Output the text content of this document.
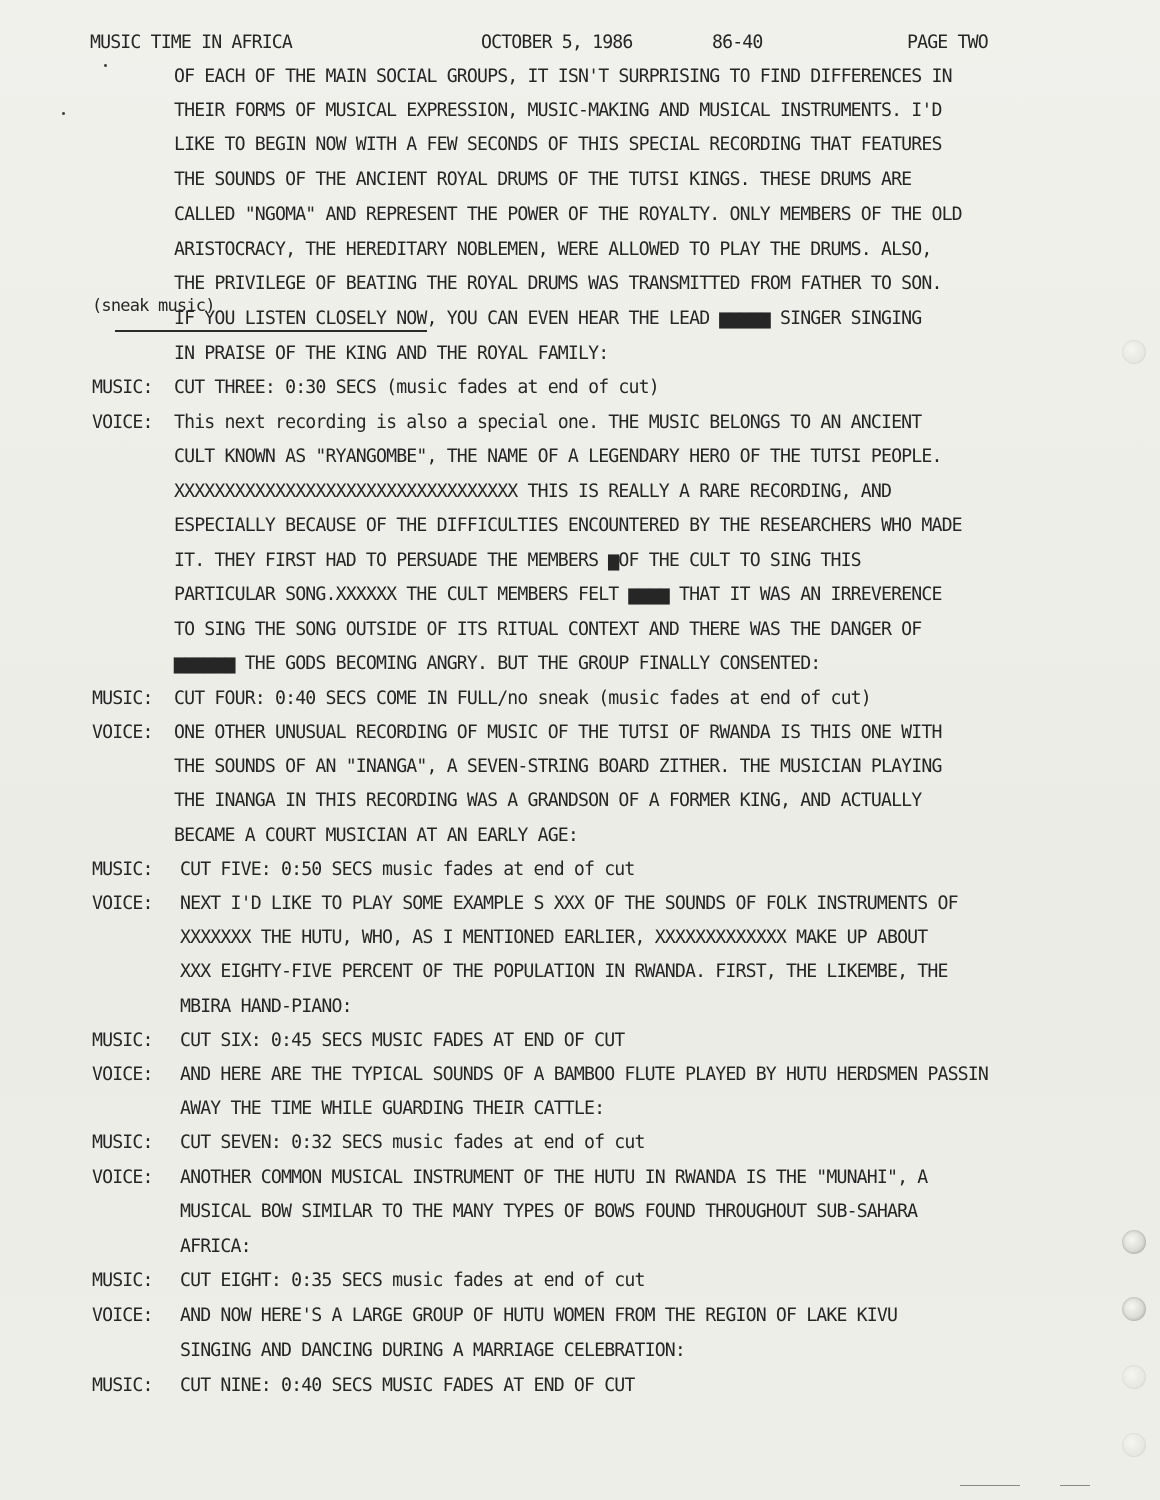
MUSIC TIME IN AFRICA	OCTOBER 5, 1986	86-40	PAGE TWO
OF EACH OF THE MAIN SOCIAL GROUPS, IT ISN'T SURPRISING TO FIND DIFFERENCES IN
THEIR FORMS OF MUSICAL EXPRESSION, MUSIC-MAKING AND MUSICAL INSTRUMENTS. I'D
LIKE TO BEGIN NOW WITH A FEW SECONDS OF THIS SPECIAL RECORDING THAT FEATURES
THE SOUNDS OF THE ANCIENT ROYAL DRUMS OF THE TUTSI KINGS. THESE DRUMS ARE
CALLED "NGOMA" AND REPRESENT THE POWER OF THE ROYALTY. ONLY MEMBERS OF THE OLD
ARISTOCRACY, THE HEREDITARY NOBLEMEN, WERE ALLOWED TO PLAY THE DRUMS. ALSO,
THE PRIVILEGE OF BEATING THE ROYAL DRUMS WAS TRANSMITTED FROM FATHER TO SON.
(sneak music)
IF YOU LISTEN CLOSELY NOW, YOU CAN EVEN HEAR THE LEAD ▆▆▆▆▆ SINGER SINGING
IN PRAISE OF THE KING AND THE ROYAL FAMILY:
MUSIC: CUT THREE: 0:30 SECS (music fades at end of cut)
VOICE: This next recording is also a special one. THE MUSIC BELONGS TO AN ANCIENT
CULT KNOWN AS "RYANGOMBE", THE NAME OF A LEGENDARY HERO OF THE TUTSI PEOPLE.
XXXXXXXXXXXXXXXXXXXXXXXXXXXXXXXXXX THIS IS REALLY A RARE RECORDING, AND
ESPECIALLY BECAUSE OF THE DIFFICULTIES ENCOUNTERED BY THE RESEARCHERS WHO MADE
IT. THEY FIRST HAD TO PERSUADE THE MEMBERS ▆OF THE CULT TO SING THIS
PARTICULAR SONG.XXXXXX THE CULT MEMBERS FELT ▆▆▆▆ THAT IT WAS AN IRREVERENCE
TO SING THE SONG OUTSIDE OF ITS RITUAL CONTEXT AND THERE WAS THE DANGER OF
▆▆▆▆▆▆ THE GODS BECOMING ANGRY. BUT THE GROUP FINALLY CONSENTED:
MUSIC: CUT FOUR: 0:40 SECS COME IN FULL/no sneak (music fades at end of cut)
VOICE: ONE OTHER UNUSUAL RECORDING OF MUSIC OF THE TUTSI OF RWANDA IS THIS ONE WITH
THE SOUNDS OF AN "INANGA", A SEVEN-STRING BOARD ZITHER. THE MUSICIAN PLAYING
THE INANGA IN THIS RECORDING WAS A GRANDSON OF A FORMER KING, AND ACTUALLY
BECAME A COURT MUSICIAN AT AN EARLY AGE:
MUSIC: CUT FIVE: 0:50 SECS music fades at end of cut
VOICE: NEXT I'D LIKE TO PLAY SOME EXAMPLE S XXX OF THE SOUNDS OF FOLK INSTRUMENTS OF
XXXXXXX THE HUTU, WHO, AS I MENTIONED EARLIER, XXXXXXXXXXXXX MAKE UP ABOUT
XXX EIGHTY-FIVE PERCENT OF THE POPULATION IN RWANDA. FIRST, THE LIKEMBE, THE
MBIRA HAND-PIANO:
MUSIC: CUT SIX: 0:45 SECS MUSIC FADES AT END OF CUT
VOICE: AND HERE ARE THE TYPICAL SOUNDS OF A BAMBOO FLUTE PLAYED BY HUTU HERDSMEN PASSIN
AWAY THE TIME WHILE GUARDING THEIR CATTLE:
MUSIC: CUT SEVEN: 0:32 SECS music fades at end of cut
VOICE: ANOTHER COMMON MUSICAL INSTRUMENT OF THE HUTU IN RWANDA IS THE "MUNAHI", A
MUSICAL BOW SIMILAR TO THE MANY TYPES OF BOWS FOUND THROUGHOUT SUB-SAHARA
AFRICA:
MUSIC: CUT EIGHT: 0:35 SECS music fades at end of cut
VOICE: AND NOW HERE'S A LARGE GROUP OF HUTU WOMEN FROM THE REGION OF LAKE KIVU
SINGING AND DANCING DURING A MARRIAGE CELEBRATION:
MUSIC: CUT NINE: 0:40 SECS MUSIC FADES AT END OF CUT
